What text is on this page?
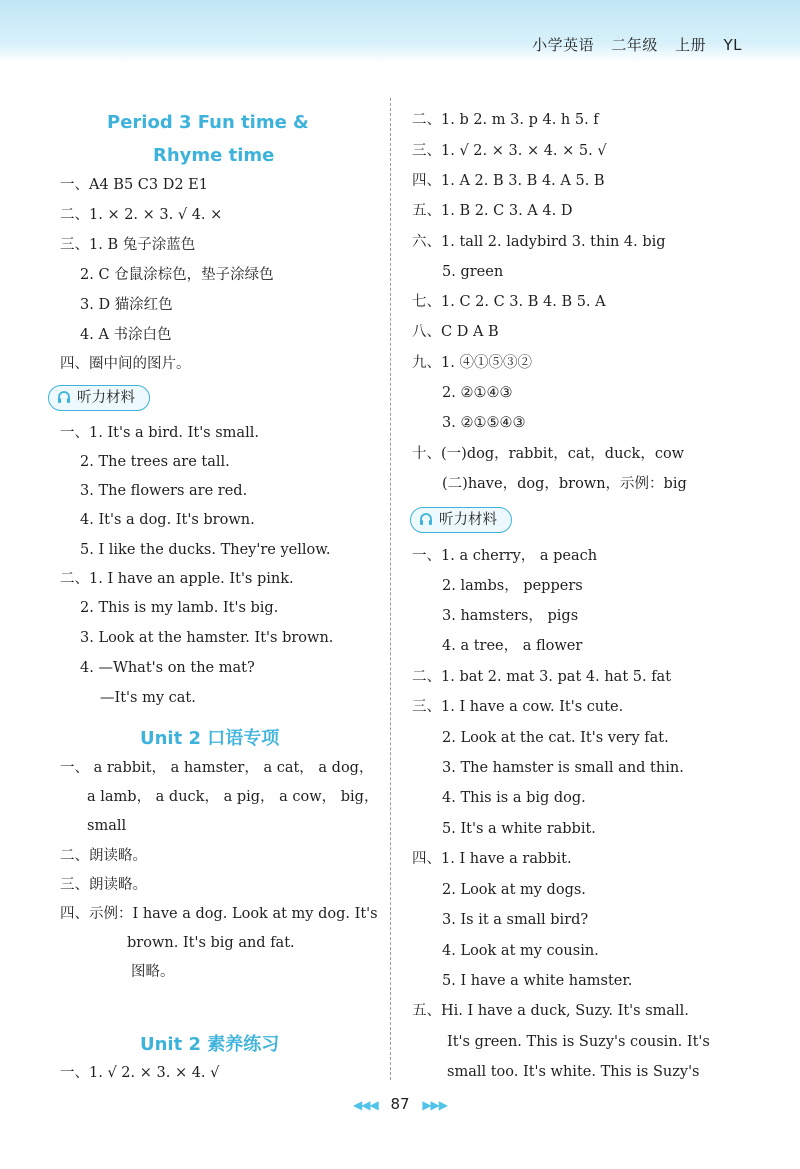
小学英语 二年级 上册 YL
Period 3 Fun time &
Rhyme time
一、A4 B5 C3 D2 E1
二、1. × 2. × 3. √ 4. ×
三、1. B 兔子涂蓝色
2. C 仓鼠涂棕色，垫子涂绿色
3. D 猫涂红色
4. A 书涂白色
四、圈中间的图片。
听力材料
一、1. It's a bird. It's small.
2. The trees are tall.
3. The flowers are red.
4. It's a dog. It's brown.
5. I like the ducks. They're yellow.
二、1. I have an apple. It's pink.
2. This is my lamb. It's big.
3. Look at the hamster. It's brown.
4. —What's on the mat?
—It's my cat.
Unit 2 口语专项
一、 a rabbit， a hamster， a cat， a dog，
a lamb， a duck， a pig， a cow， big，
small
二、朗读略。
三、朗读略。
四、示例：I have a dog. Look at my dog. It's
brown. It's big and fat.
图略。
Unit 2 素养练习
一、1. √ 2. × 3. × 4. √
二、1. b 2. m 3. p 4. h 5. f
三、1. √ 2. × 3. × 4. × 5. √
四、1. A 2. B 3. B 4. A 5. B
五、1. B 2. C 3. A 4. D
六、1. tall 2. ladybird 3. thin 4. big
5. green
七、1. C 2. C 3. B 4. B 5. A
八、C D A B
九、1. ④①⑤③②
2. ②①④③
3. ②①⑤④③
十、(一)dog，rabbit，cat，duck，cow
(二)have，dog，brown，示例：big
听力材料
一、1. a cherry， a peach
2. lambs， peppers
3. hamsters， pigs
4. a tree， a flower
二、1. bat 2. mat 3. pat 4. hat 5. fat
三、1. I have a cow. It's cute.
2. Look at the cat. It's very fat.
3. The hamster is small and thin.
4. This is a big dog.
5. It's a white rabbit.
四、1. I have a rabbit.
2. Look at my dogs.
3. Is it a small bird?
4. Look at my cousin.
5. I have a white hamster.
五、Hi. I have a duck, Suzy. It's small.
It's green. This is Suzy's cousin. It's
small too. It's white. This is Suzy's
◀◀◀ 87 ▶▶▶
